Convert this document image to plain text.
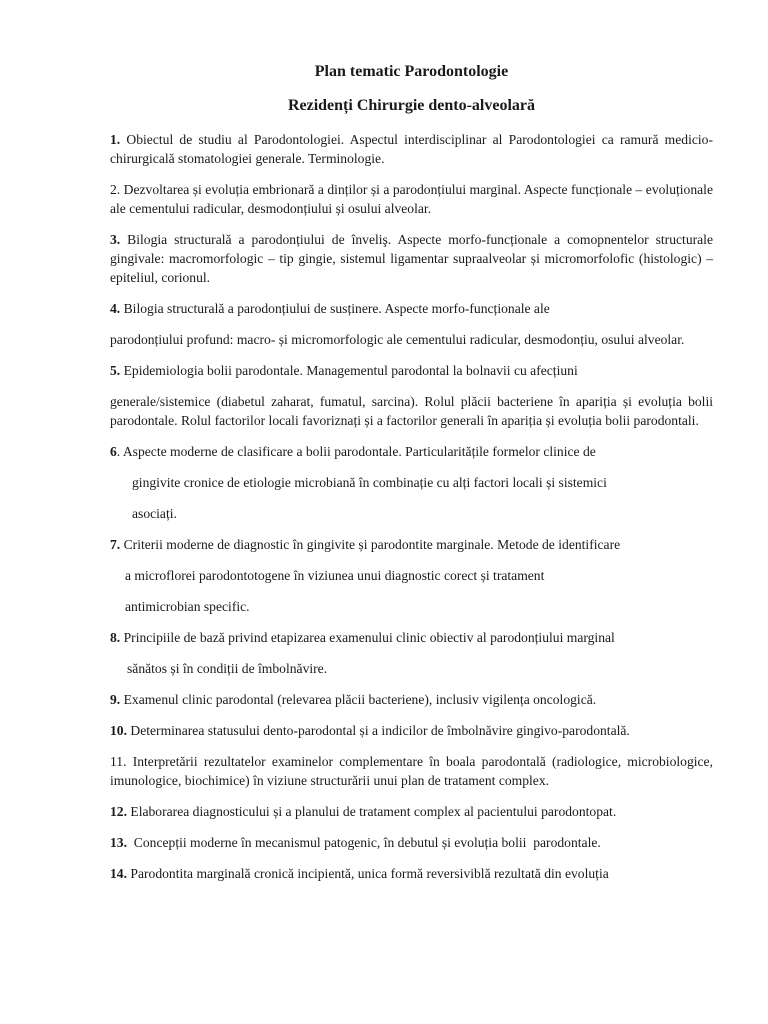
Plan tematic Parodontologie
Rezidenți Chirurgie dento-alveolară
1. Obiectul de studiu al Parodontologiei. Aspectul interdisciplinar al Parodontologiei ca ramură medicio-chirurgicală stomatologiei generale. Terminologie.
2. Dezvoltarea și evoluția embrionară a dinților și a parodonțiului marginal. Aspecte funcționale – evoluționale ale cementului radicular, desmodonțiului și osului alveolar.
3. Bilogia structurală a parodonțiului de înveliş. Aspecte morfo-funcționale a comopnentelor structurale gingivale: macromorfologic – tip gingie, sistemul ligamentar supraalveolar și micromorfolofic (histologic) – epiteliul, corionul.
4. Bilogia structurală a parodonțiului de susținere. Aspecte morfo-funcționale ale
parodonțiului profund: macro- și micromorfologic ale cementului radicular, desmodonțiu, osului alveolar.
5. Epidemiologia bolii parodontale. Managementul parodontal la bolnavii cu afecțiuni
generale/sistemice (diabetul zaharat, fumatul, sarcina). Rolul plăcii bacteriene în apariția și evoluția bolii parodontale. Rolul factorilor locali favoriznați și a factorilor generali în apariția și evoluția bolii parodontali.
6. Aspecte moderne de clasificare a bolii parodontale. Particularitățile formelor clinice de
gingivite cronice de etiologie microbiană în combinație cu alți factori locali și sistemici
asociați.
7. Criterii moderne de diagnostic în gingivite și parodontite marginale. Metode de identificare
a microflorei parodontotogene în viziunea unui diagnostic corect și tratament
antimicrobian specific.
8. Principiile de bază privind etapizarea examenului clinic obiectiv al parodonțiului marginal
sănătos și în condiții de îmbolnăvire.
9. Examenul clinic parodontal (relevarea plăcii bacteriene), inclusiv vigilența oncologică.
10. Determinarea statusului dento-parodontal și a indicilor de îmbolnăvire gingivo-parodontală.
11. Interpretării rezultatelor examinelor complementare în boala parodontală (radiologice, microbiologice, imunologice, biochimice) în viziune structurării unui plan de tratament complex.
12. Elaborarea diagnosticului și a planului de tratament complex al pacientului parodontopat.
13.  Concepții moderne în mecanismul patogenic, în debutul și evoluția bolii  parodontale.
14. Parodontita marginală cronică incipientă, unica formă reversiviblă rezultată din evoluția
